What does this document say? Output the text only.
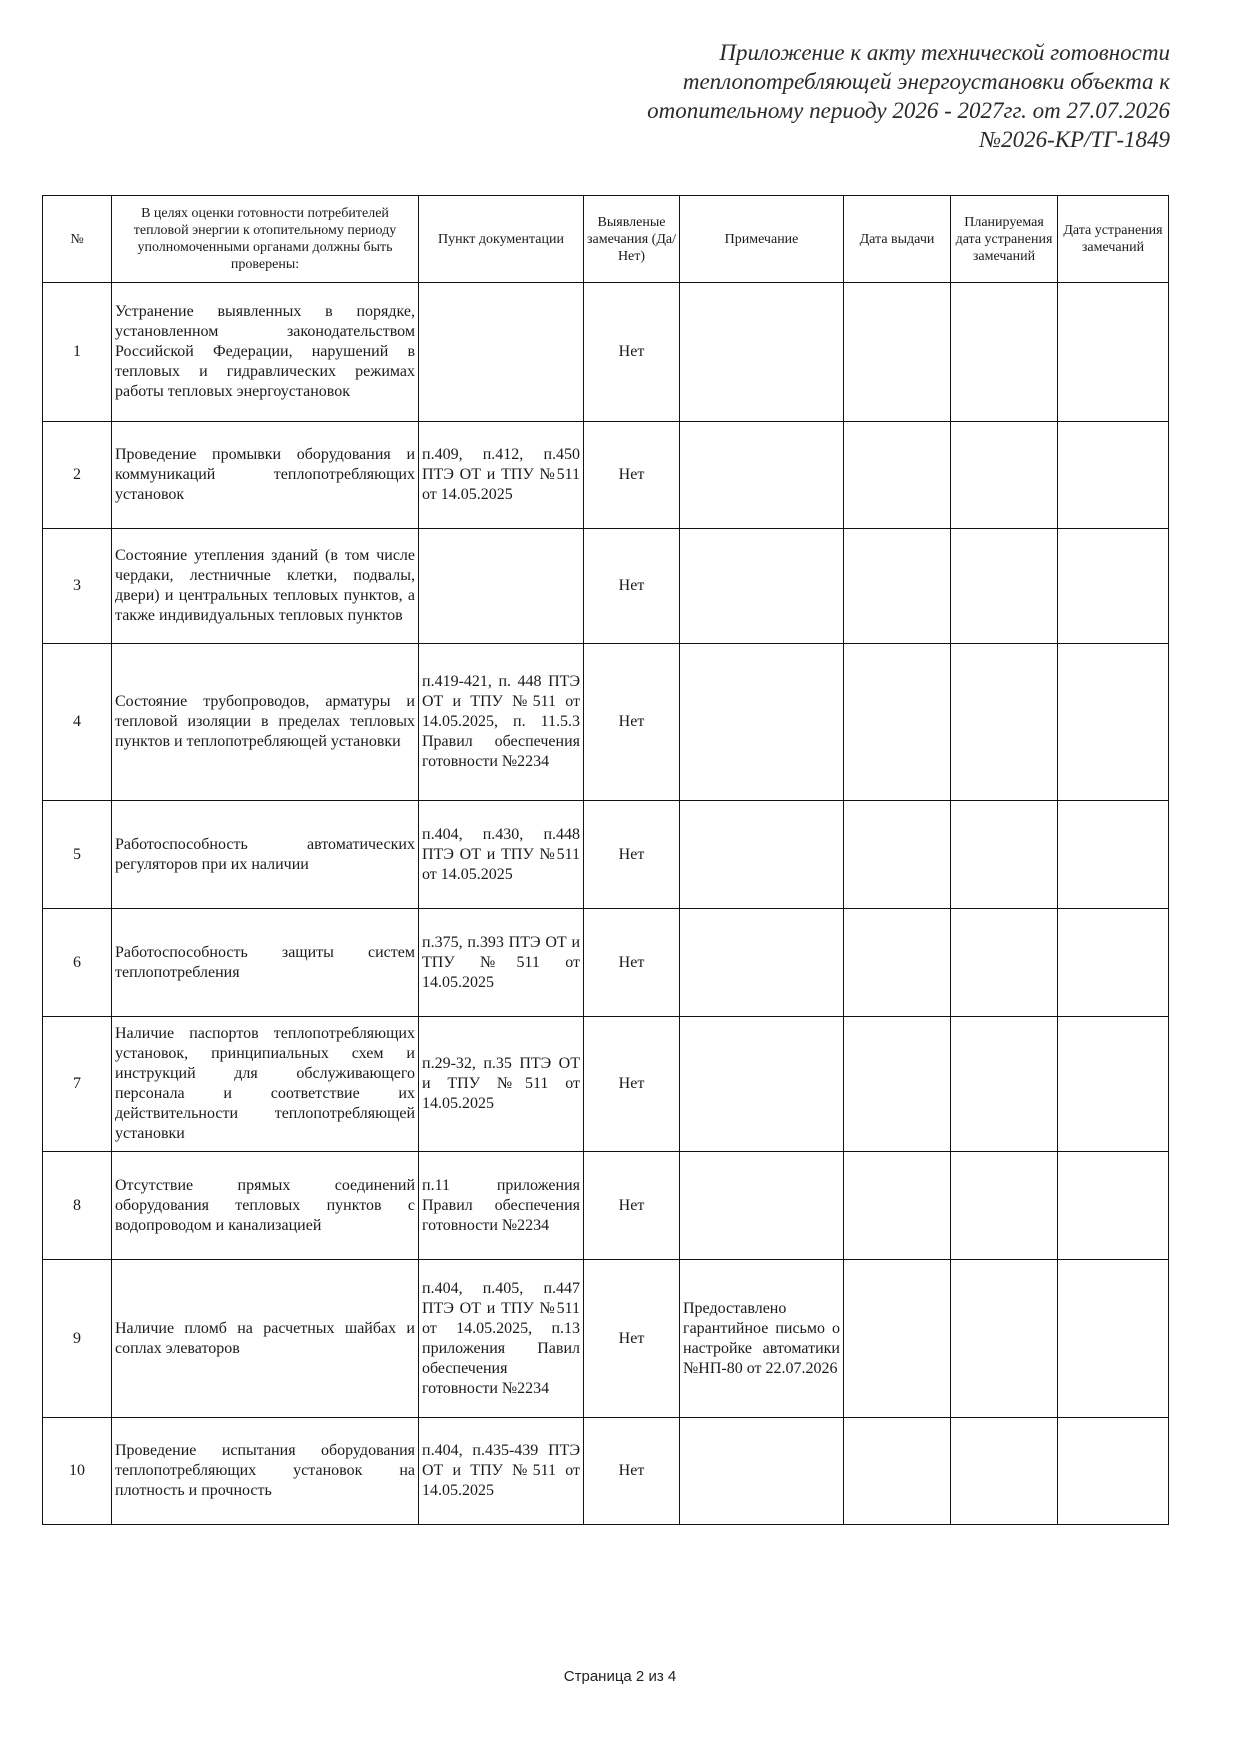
Приложение к акту технической готовности
теплопотребляющей энергоустановки объекта к
отопительному периоду 2026 - 2027гг. от 27.07.2026
№2026-КР/ТГ-1849
№	В целях оценки готовности потребителей тепловой энергии к отопительному периоду уполномоченными органами должны быть проверены:	Пункт документации	Выявленые замечания (Да/Нет)	Примечание	Дата выдачи	Планируемая дата устранения замечаний	Дата устранения замечаний
1	Устранение выявленных в порядке, установленном законодательством Российской Федерации, нарушений в тепловых и гидравлических режимах работы тепловых энергоустановок		Нет				
2	Проведение промывки оборудования и коммуникаций теплопотребляющих установок	п.409, п.412, п.450 ПТЭ ОТ и ТПУ №511 от 14.05.2025	Нет				
3	Состояние утепления зданий (в том числе чердаки, лестничные клетки, подвалы, двери) и центральных тепловых пунктов, а также индивидуальных тепловых пунктов		Нет				
4	Состояние трубопроводов, арматуры и тепловой изоляции в пределах тепловых пунктов и теплопотребляющей установки	п.419-421, п. 448 ПТЭ ОТ и ТПУ №511 от 14.05.2025, п. 11.5.3 Правил обеспечения готовности №2234	Нет				
5	Работоспособность автоматических регуляторов при их наличии	п.404, п.430, п.448 ПТЭ ОТ и ТПУ №511 от 14.05.2025	Нет				
6	Работоспособность защиты систем теплопотребления	п.375, п.393 ПТЭ ОТ и ТПУ №511 от 14.05.2025	Нет				
7	Наличие паспортов теплопотребляющих установок, принципиальных схем и инструкций для обслуживающего персонала и соответствие их действительности теплопотребляющей установки	п.29-32, п.35 ПТЭ ОТ и ТПУ №511 от 14.05.2025	Нет				
8	Отсутствие прямых соединений оборудования тепловых пунктов с водопроводом и канализацией	п.11 приложения Правил обеспечения готовности №2234	Нет				
9	Наличие пломб на расчетных шайбах и соплах элеваторов	п.404, п.405, п.447 ПТЭ ОТ и ТПУ №511 от 14.05.2025, п.13 приложения Павил обеспечения готовности №2234	Нет	Предоставлено гарантийное письмо о настройке автоматики №НП-80 от 22.07.2026			
10	Проведение испытания оборудования теплопотребляющих установок на плотность и прочность	п.404, п.435-439 ПТЭ ОТ и ТПУ №511 от 14.05.2025	Нет				
Страница 2 из 4
